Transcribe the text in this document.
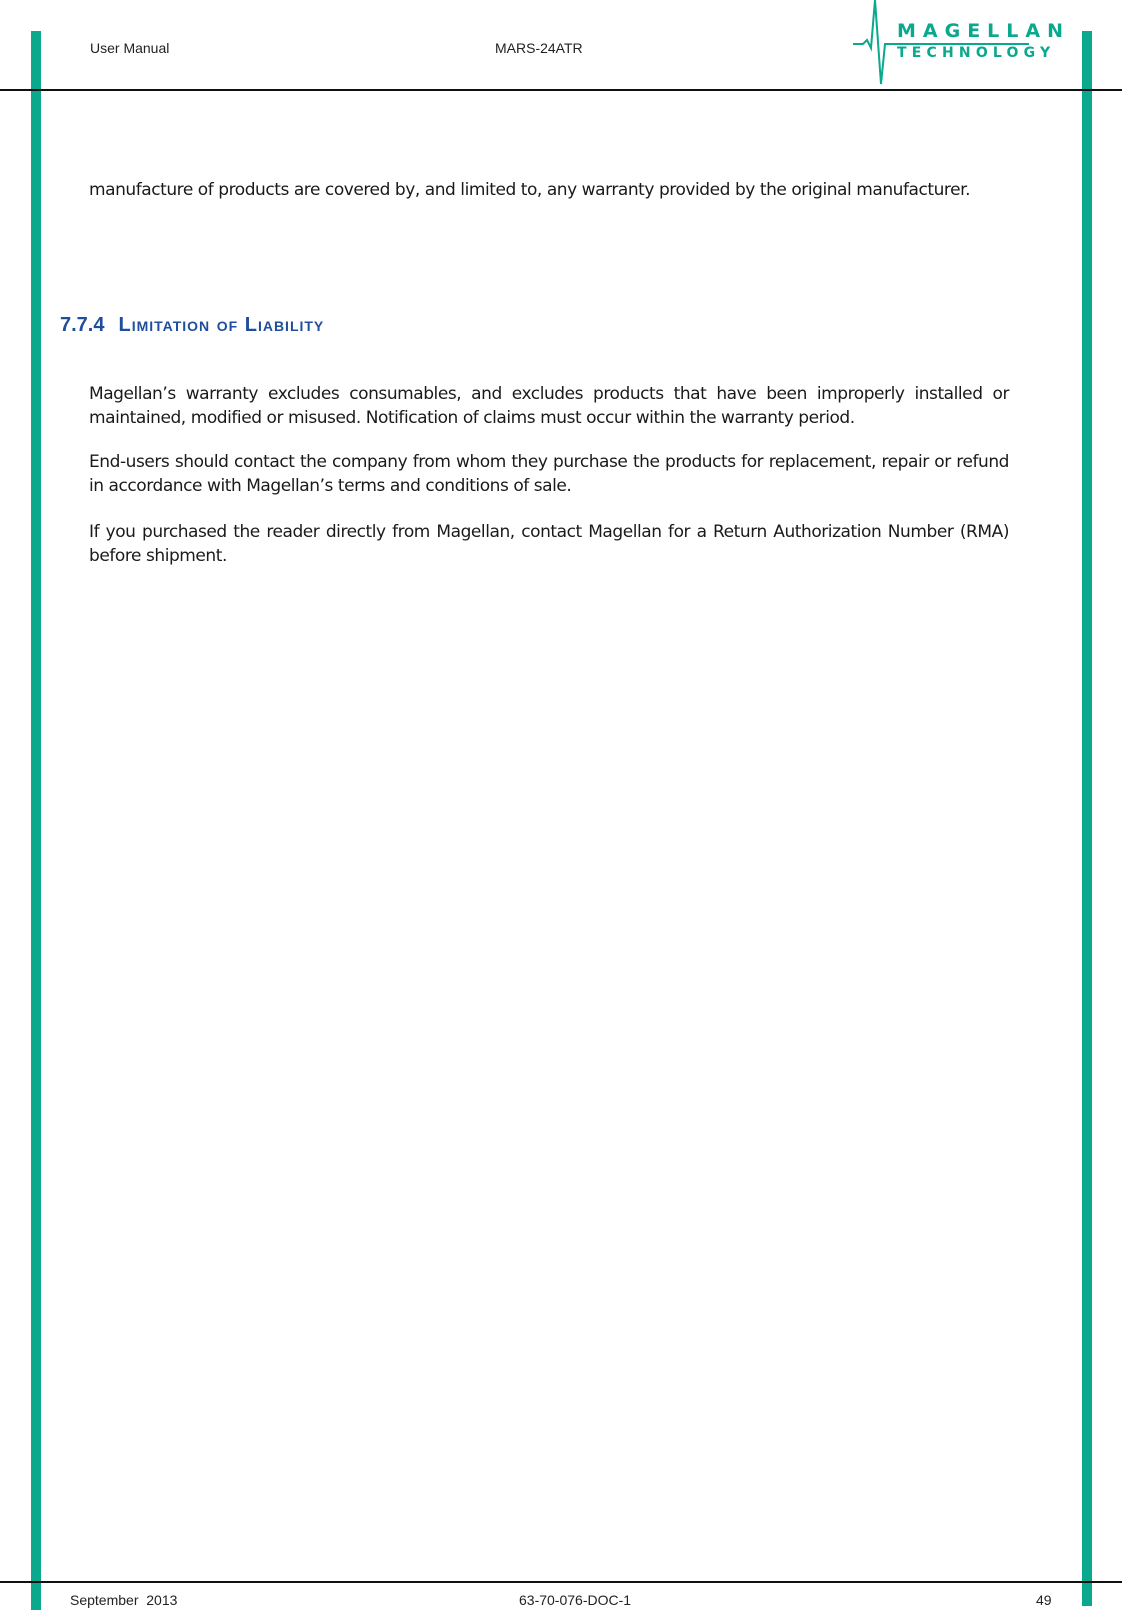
User Manual	MARS-24ATR
MAGELLAN
TECHNOLOGY
manufacture of products are covered by, and limited to, any warranty provided by the original manufacturer.
7.7.4 Limitation of Liability
Magellan’s warranty excludes consumables, and excludes products that have been improperly installed or maintained, modified or misused. Notification of claims must occur within the warranty period.
End-users should contact the company from whom they purchase the products for replacement, repair or refund in accordance with Magellan’s terms and conditions of sale.
If you purchased the reader directly from Magellan, contact Magellan for a Return Authorization Number (RMA) before shipment.
September  2013	63-70-076-DOC-1	49
